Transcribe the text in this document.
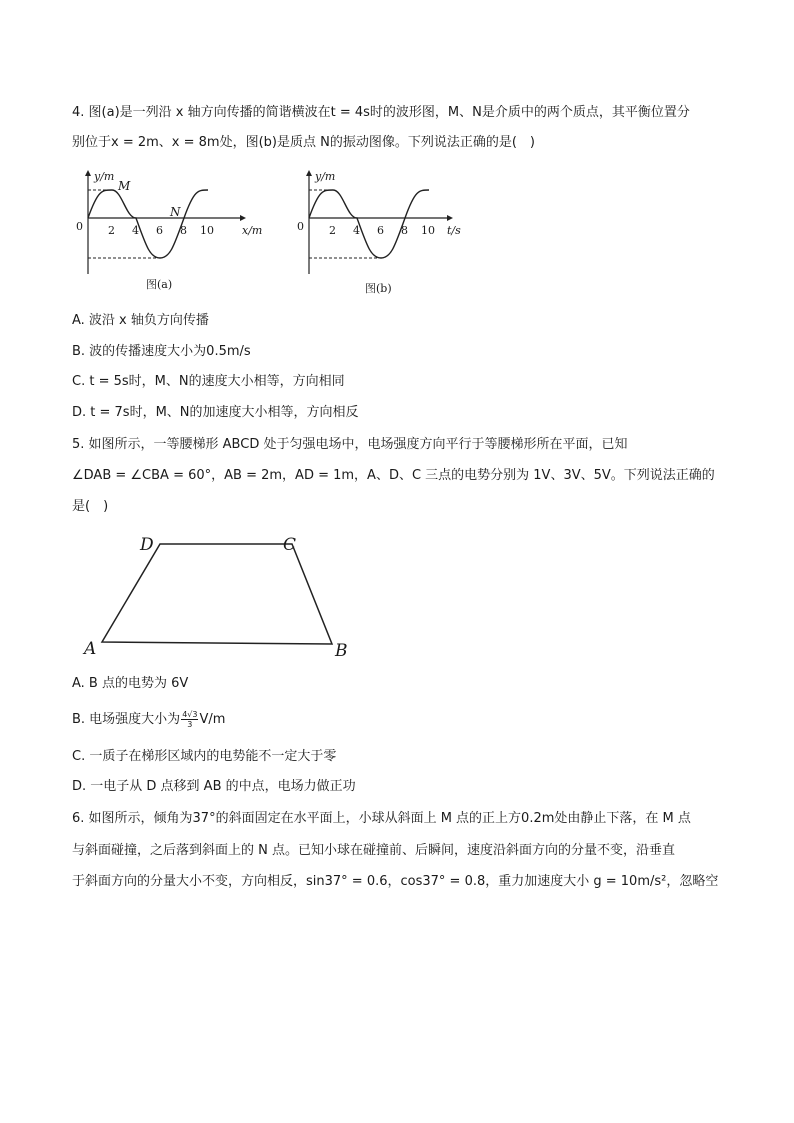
4. 图(a)是一列沿 x 轴方向传播的简谐横波在t = 4s时的波形图，M、N是介质中的两个质点，其平衡位置分
别位于x = 2m、x = 8m处，图(b)是质点 N的振动图像。下列说法正确的是(　)
y/m
x/m
0 2 4 6 8 10
M
N
图(a)
y/m
t/s
0 2 4 6 8 10
图(b)
A. 波沿 x 轴负方向传播
B. 波的传播速度大小为0.5m/s
C. t = 5s时，M、N的速度大小相等，方向相同
D. t = 7s时，M、N的加速度大小相等，方向相反
5. 如图所示，一等腰梯形 ABCD 处于匀强电场中，电场强度方向平行于等腰梯形所在平面，已知
∠DAB = ∠CBA = 60°，AB = 2m，AD = 1m，A、D、C 三点的电势分别为 1V、3V、5V。下列说法正确的
是(　)
A	B
C
D
A. B 点的电势为 6V
B. 电场强度大小为 $\frac{4√3}{3} V/m$
C. 一质子在梯形区域内的电势能不一定大于零
D. 一电子从 D 点移到 AB 的中点，电场力做正功
6. 如图所示，倾角为37°的斜面固定在水平面上，小球从斜面上 M 点的正上方0.2m处由静止下落，在 M 点
与斜面碰撞，之后落到斜面上的 N 点。已知小球在碰撞前、后瞬间，速度沿斜面方向的分量不变，沿垂直
于斜面方向的分量大小不变，方向相反，sin37° = 0.6，cos37° = 0.8，重力加速度大小 g = 10m/s²，忽略空
